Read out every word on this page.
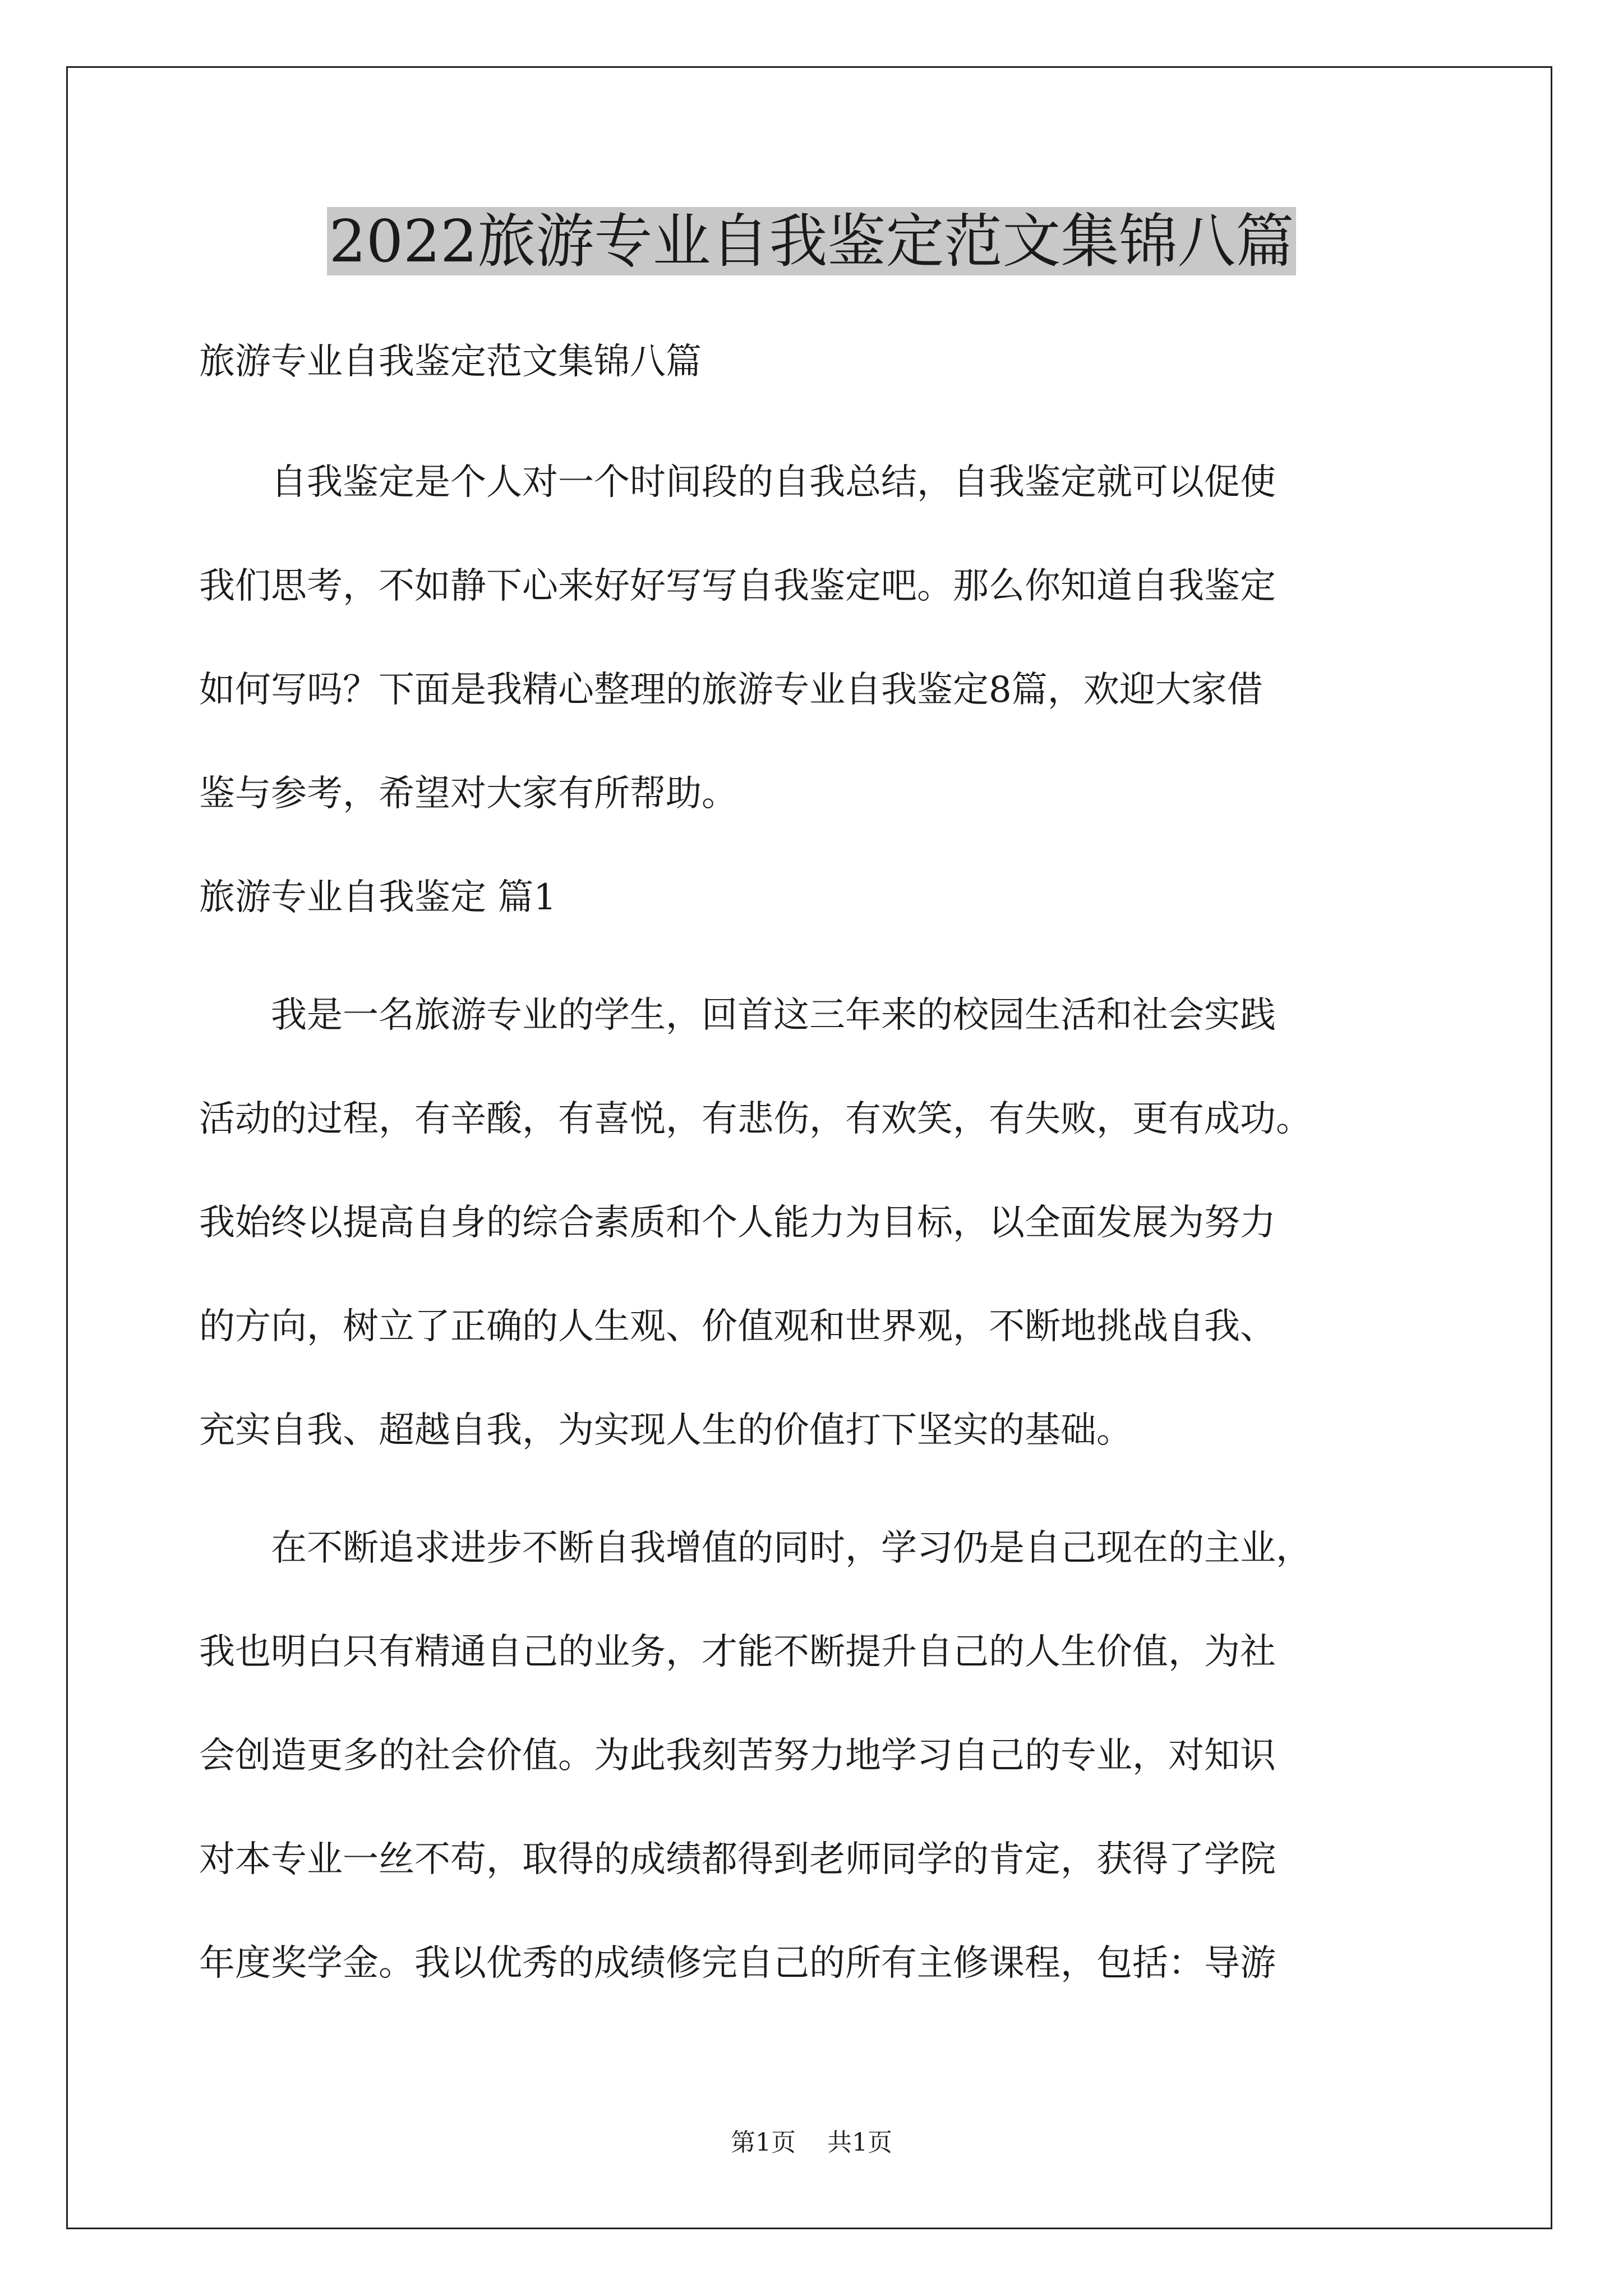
2022旅游专业自我鉴定范文集锦八篇

旅游专业自我鉴定范文集锦八篇

　　自我鉴定是个人对一个时间段的自我总结，自我鉴定就可以促使

我们思考，不如静下心来好好写写自我鉴定吧。那么你知道自我鉴定

如何写吗？下面是我精心整理的旅游专业自我鉴定8篇，欢迎大家借

鉴与参考，希望对大家有所帮助。

旅游专业自我鉴定 篇1

　　我是一名旅游专业的学生，回首这三年来的校园生活和社会实践

活动的过程，有辛酸，有喜悦，有悲伤，有欢笑，有失败，更有成功。

我始终以提高自身的综合素质和个人能力为目标，以全面发展为努力

的方向，树立了正确的人生观、价值观和世界观，不断地挑战自我、

充实自我、超越自我，为实现人生的价值打下坚实的基础。

　　在不断追求进步不断自我增值的同时，学习仍是自己现在的主业，

我也明白只有精通自己的业务，才能不断提升自己的人生价值，为社

会创造更多的社会价值。为此我刻苦努力地学习自己的专业，对知识

对本专业一丝不苟，取得的成绩都得到老师同学的肯定，获得了学院

年度奖学金。我以优秀的成绩修完自己的所有主修课程，包括：导游

第1页    共1页
